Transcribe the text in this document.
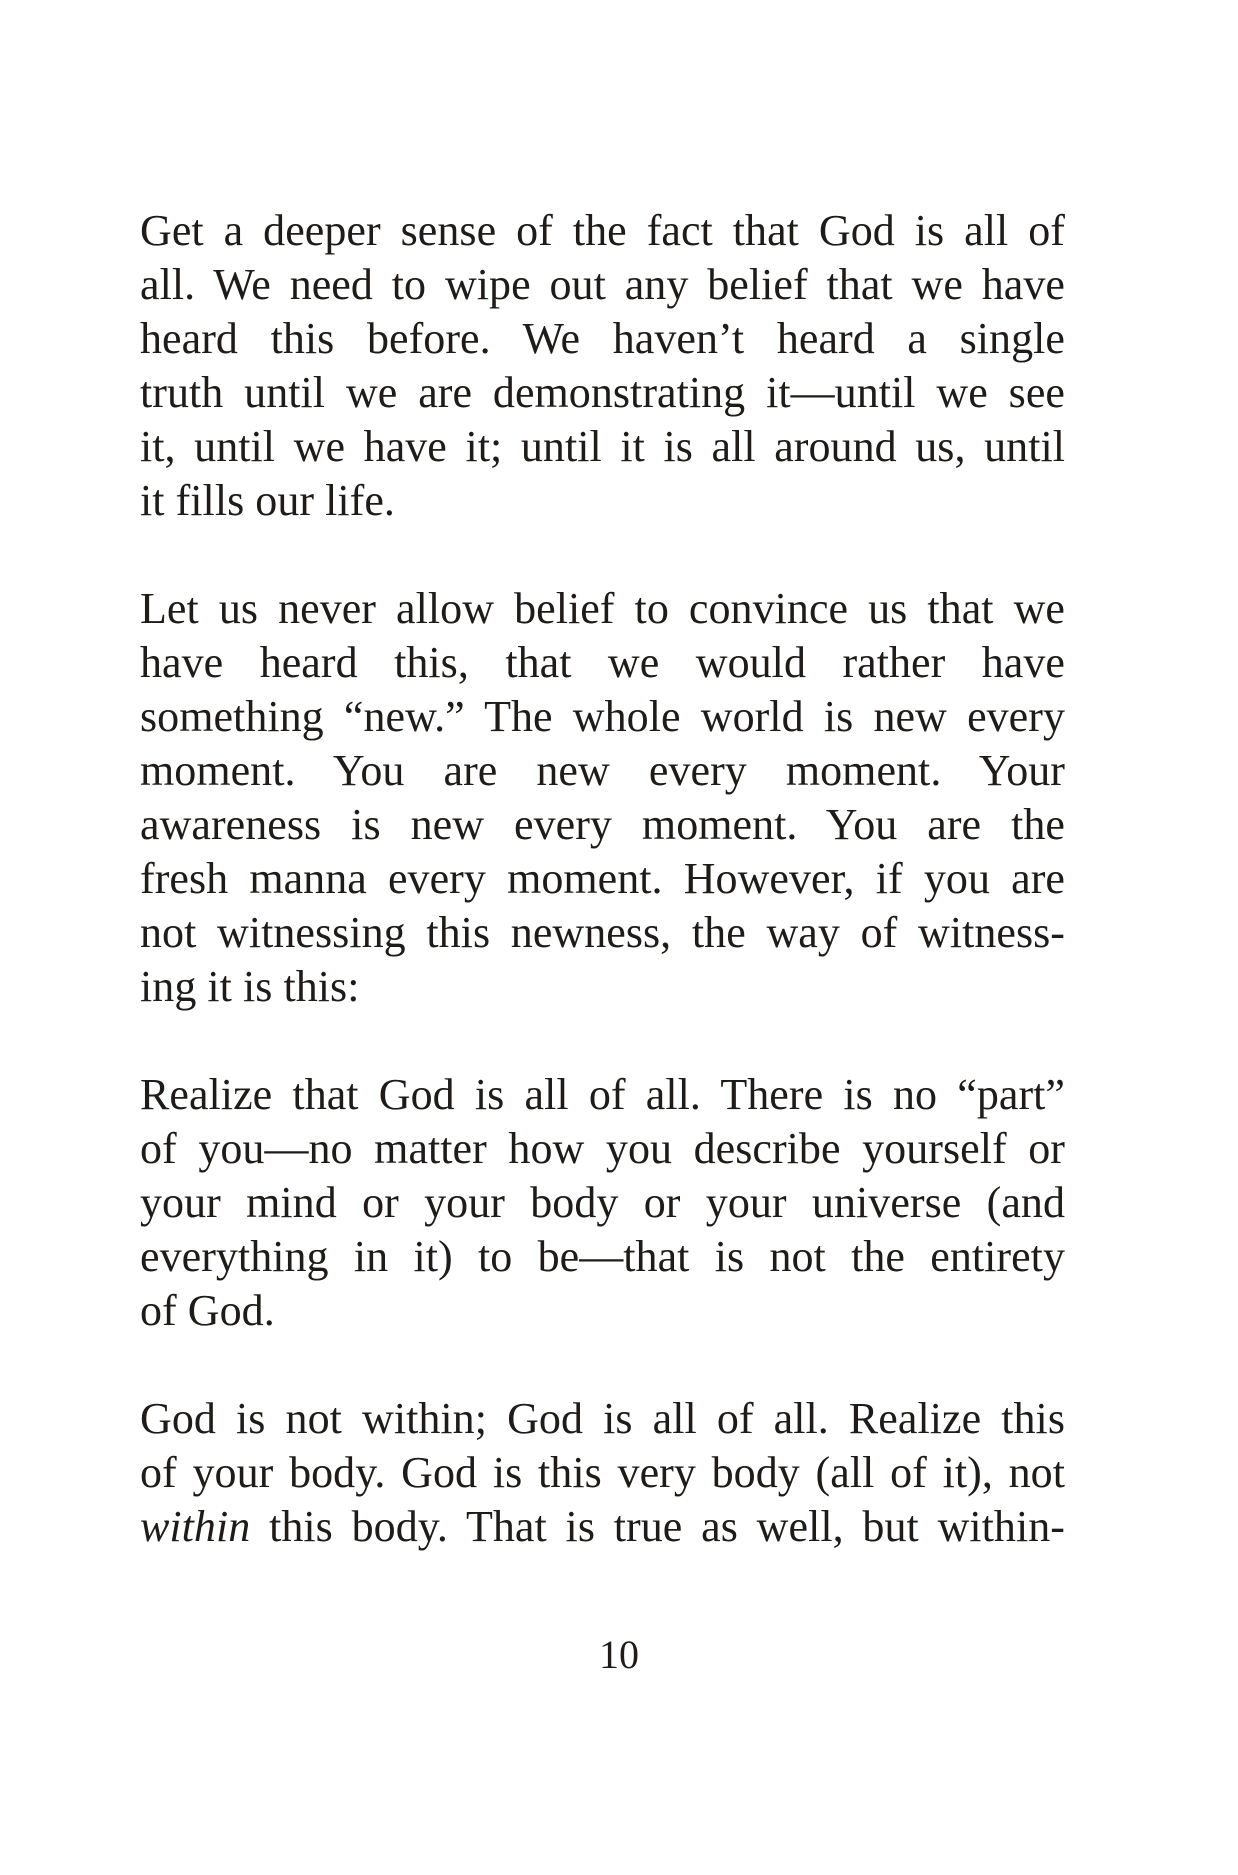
Get a deeper sense of the fact that God is all of
all. We need to wipe out any belief that we have
heard this before. We haven’t heard a single
truth until we are demonstrating it—until we see
it, until we have it; until it is all around us, until
it fills our life.

Let us never allow belief to convince us that we
have heard this, that we would rather have
something “new.” The whole world is new every
moment. You are new every moment. Your
awareness is new every moment. You are the
fresh manna every moment. However, if you are
not witnessing this newness, the way of witness-
ing it is this:

Realize that God is all of all. There is no “part”
of you—no matter how you describe yourself or
your mind or your body or your universe (and
everything in it) to be—that is not the entirety
of God.

God is not within; God is all of all. Realize this
of your body. God is this very body (all of it), not
within this body. That is true as well, but within-

10
